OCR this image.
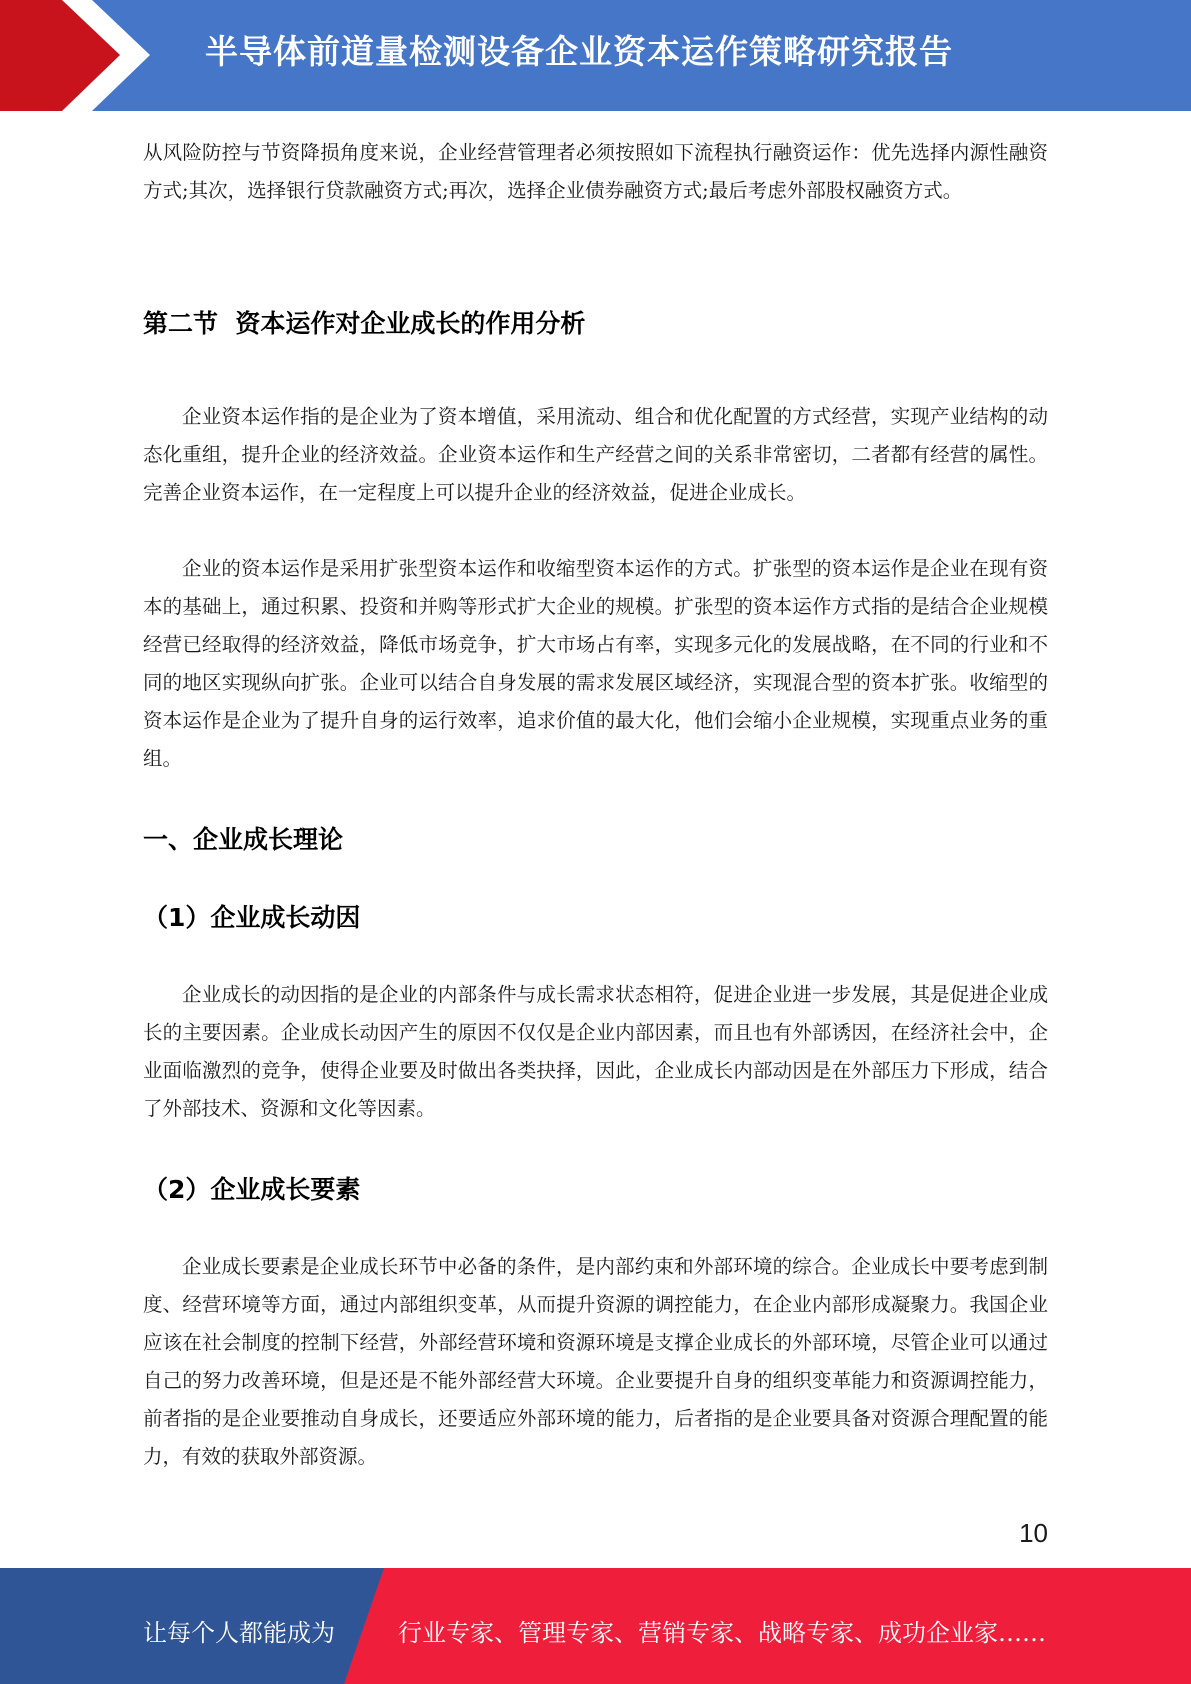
半导体前道量检测设备企业资本运作策略研究报告

从风险防控与节资降损角度来说，企业经营管理者必须按照如下流程执行融资运作：优先选择内源性融资方式;其次，选择银行贷款融资方式;再次，选择企业债券融资方式;最后考虑外部股权融资方式。

第二节  资本运作对企业成长的作用分析

企业资本运作指的是企业为了资本增值，采用流动、组合和优化配置的方式经营，实现产业结构的动态化重组，提升企业的经济效益。企业资本运作和生产经营之间的关系非常密切，二者都有经营的属性。完善企业资本运作，在一定程度上可以提升企业的经济效益，促进企业成长。

企业的资本运作是采用扩张型资本运作和收缩型资本运作的方式。扩张型的资本运作是企业在现有资本的基础上，通过积累、投资和并购等形式扩大企业的规模。扩张型的资本运作方式指的是结合企业规模经营已经取得的经济效益，降低市场竞争，扩大市场占有率，实现多元化的发展战略，在不同的行业和不同的地区实现纵向扩张。企业可以结合自身发展的需求发展区域经济，实现混合型的资本扩张。收缩型的资本运作是企业为了提升自身的运行效率，追求价值的最大化，他们会缩小企业规模，实现重点业务的重组。

一、企业成长理论
（1）企业成长动因

企业成长的动因指的是企业的内部条件与成长需求状态相符，促进企业进一步发展，其是促进企业成长的主要因素。企业成长动因产生的原因不仅仅是企业内部因素，而且也有外部诱因，在经济社会中，企业面临激烈的竞争，使得企业要及时做出各类抉择，因此，企业成长内部动因是在外部压力下形成，结合了外部技术、资源和文化等因素。

（2）企业成长要素

企业成长要素是企业成长环节中必备的条件，是内部约束和外部环境的综合。企业成长中要考虑到制度、经营环境等方面，通过内部组织变革，从而提升资源的调控能力，在企业内部形成凝聚力。我国企业应该在社会制度的控制下经营，外部经营环境和资源环境是支撑企业成长的外部环境，尽管企业可以通过自己的努力改善环境，但是还是不能外部经营大环境。企业要提升自身的组织变革能力和资源调控能力，前者指的是企业要推动自身成长，还要适应外部环境的能力，后者指的是企业要具备对资源合理配置的能力，有效的获取外部资源。

10
让每个人都能成为	行业专家、管理专家、营销专家、战略专家、成功企业家……
